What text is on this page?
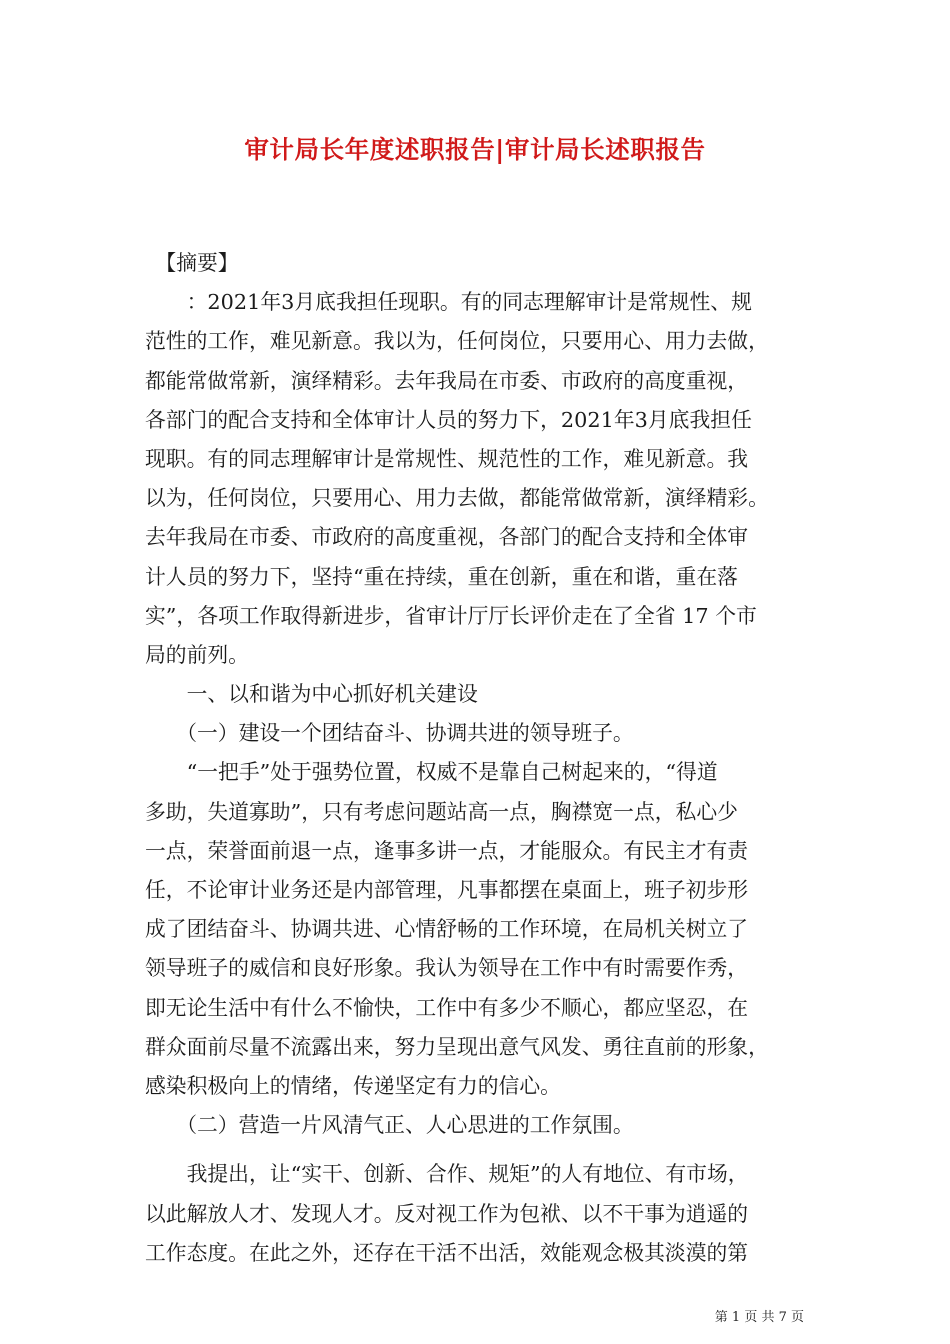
审计局长年度述职报告|审计局长述职报告

　【摘要】

　　：2021年3月底我担任现职。有的同志理解审计是常规性、规

范性的工作，难见新意。我以为，任何岗位，只要用心、用力去做，

都能常做常新，演绎精彩。去年我局在市委、市政府的高度重视，

各部门的配合支持和全体审计人员的努力下，2021年3月底我担任

现职。有的同志理解审计是常规性、规范性的工作，难见新意。我

以为，任何岗位，只要用心、用力去做，都能常做常新，演绎精彩。

去年我局在市委、市政府的高度重视，各部门的配合支持和全体审

计人员的努力下，坚持“重在持续，重在创新，重在和谐，重在落

实”，各项工作取得新进步，省审计厅厅长评价走在了全省 17 个市

局的前列。

　　一、以和谐为中心抓好机关建设

　　（一）建设一个团结奋斗、协调共进的领导班子。

　　“一把手”处于强势位置，权威不是靠自己树起来的，“得道

多助，失道寡助”，只有考虑问题站高一点，胸襟宽一点，私心少

一点，荣誉面前退一点，逢事多讲一点，才能服众。有民主才有责

任，不论审计业务还是内部管理，凡事都摆在桌面上，班子初步形

成了团结奋斗、协调共进、心情舒畅的工作环境，在局机关树立了

领导班子的威信和良好形象。我认为领导在工作中有时需要作秀，

即无论生活中有什么不愉快，工作中有多少不顺心，都应坚忍，在

群众面前尽量不流露出来，努力呈现出意气风发、勇往直前的形象，

感染积极向上的情绪，传递坚定有力的信心。

　　（二）营造一片风清气正、人心思进的工作氛围。

　　我提出，让“实干、创新、合作、规矩”的人有地位、有市场，

以此解放人才、发现人才。反对视工作为包袱、以不干事为逍遥的

工作态度。在此之外，还存在干活不出活，效能观念极其淡漠的第

第 1 页 共 7 页
